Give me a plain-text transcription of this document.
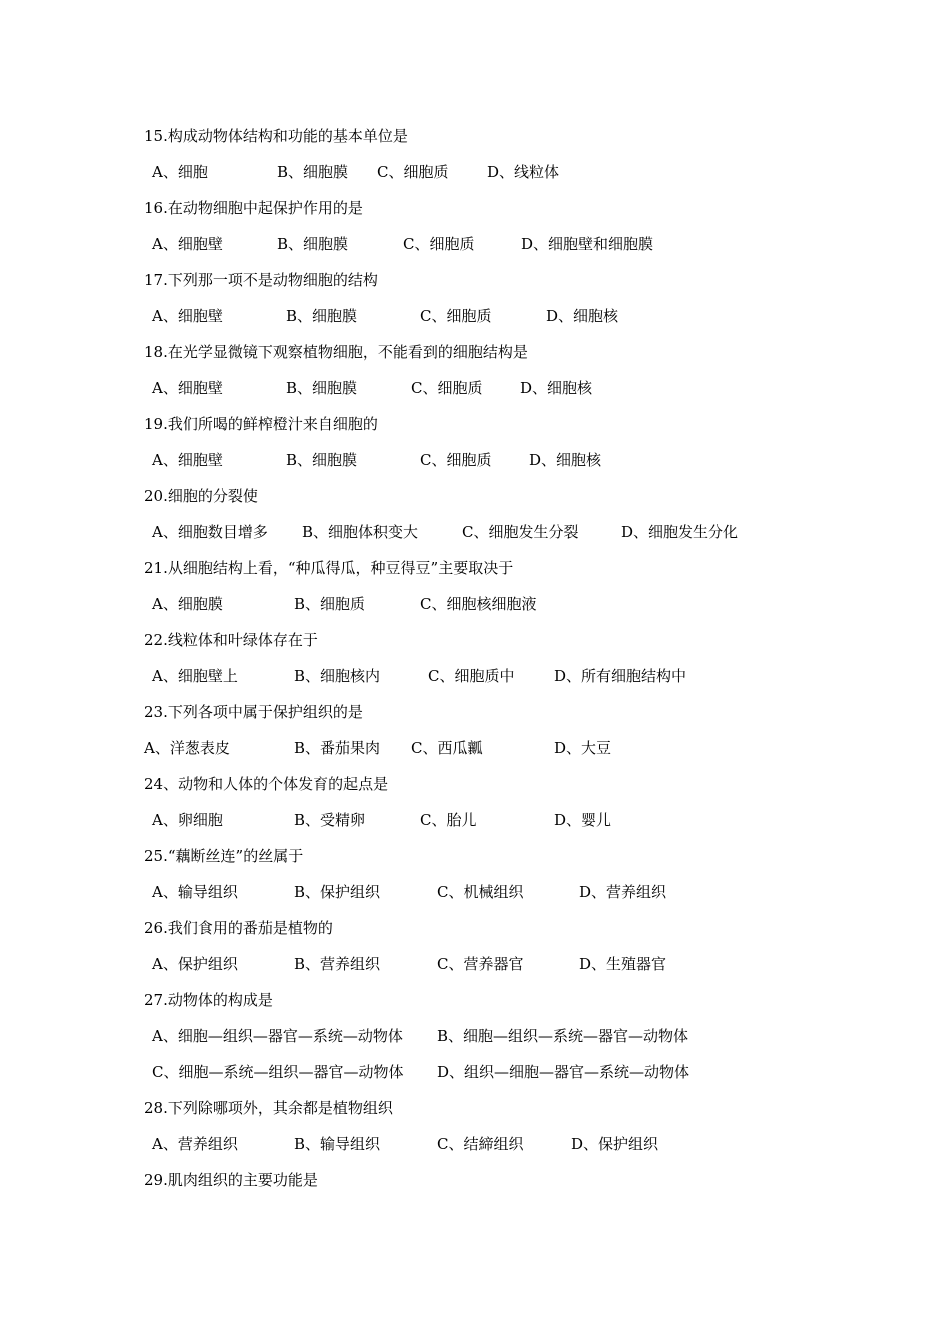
15.构成动物体结构和功能的基本单位是

A、细胞

	B、细胞膜

C、细胞质

	D、线粒体

16.在动物细胞中起保护作用的是

A、细胞壁

	B、细胞膜

	C、细胞质

	D、细胞壁和细胞膜

17.下列那一项不是动物细胞的结构

A、细胞壁

	B、细胞膜

	C、细胞质

	D、细胞核

18.在光学显微镜下观察植物细胞，不能看到的细胞结构是

A、细胞壁

	B、细胞膜

	C、细胞质

	D、细胞核

19.我们所喝的鲜榨橙汁来自细胞的

A、细胞壁

	B、细胞膜

	C、细胞质

	D、细胞核

20.细胞的分裂使

A、细胞数目增多

B、细胞体积变大

	C、细胞发生分裂

	D、细胞发生分化

21.从细胞结构上看，“种瓜得瓜，种豆得豆”主要取决于

A、细胞膜

	B、细胞质

	C、细胞核细胞液

22.线粒体和叶绿体存在于

A、细胞壁上

	B、细胞核内

	C、细胞质中

	D、所有细胞结构中

23.下列各项中属于保护组织的是

A、洋葱表皮

	B、番茄果肉

C、西瓜瓤

	D、大豆

24、动物和人体的个体发育的起点是

A、卵细胞

	B、受精卵

	C、胎儿

	D、婴儿

25.“藕断丝连”的丝属于

A、输导组织

	B、保护组织

	C、机械组织

	D、营养组织

26.我们食用的番茄是植物的

A、保护组织

	B、营养组织

	C、营养器官

	D、生殖器官

27.动物体的构成是

A、细胞—组织—器官—系统—动物体

B、细胞—组织—系统—器官—动物体

C、细胞—系统—组织—器官—动物体

D、组织—细胞—器官—系统—动物体

28.下列除哪项外，其余都是植物组织

A、营养组织

	B、输导组织

	C、结締组织

	D、保护组织

29.肌肉组织的主要功能是
